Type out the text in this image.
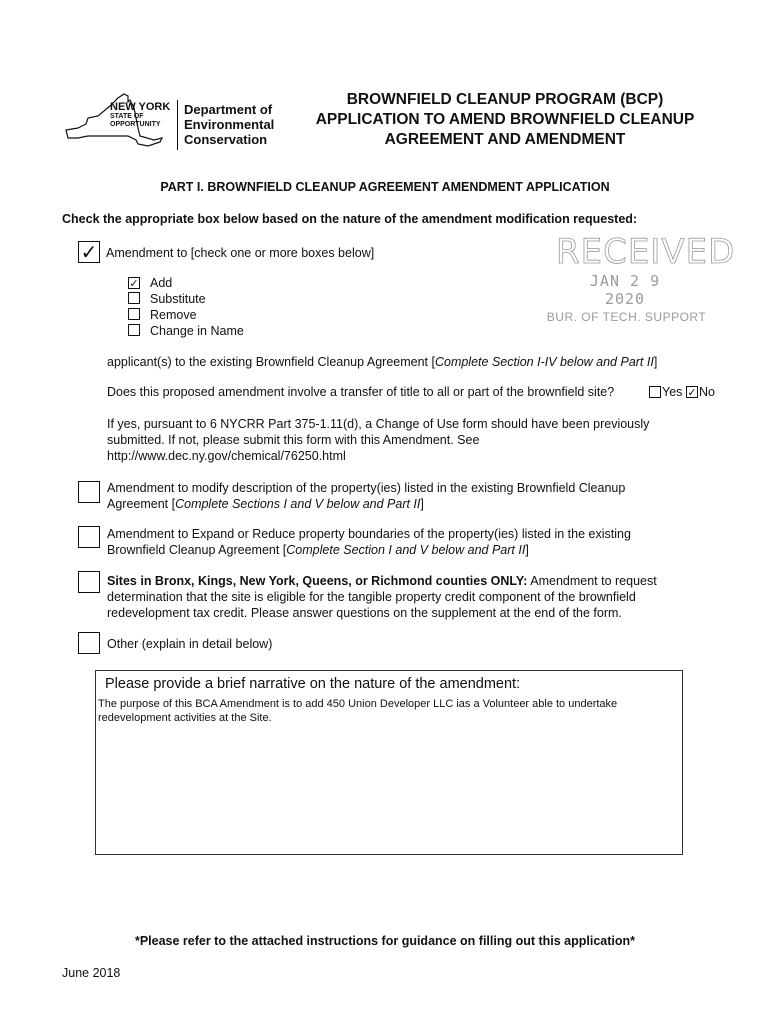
NEW YORK
STATE OF
OPPORTUNITY
Department of
Environmental
Conservation
BROWNFIELD CLEANUP PROGRAM (BCP)
APPLICATION TO AMEND BROWNFIELD CLEANUP
AGREEMENT AND AMENDMENT
PART I. BROWNFIELD CLEANUP AGREEMENT AMENDMENT APPLICATION
Check the appropriate box below based on the nature of the amendment modification requested:
✓ Amendment to [check one or more boxes below]
✓ Add
Substitute
Remove
Change in Name
applicant(s) to the existing Brownfield Cleanup Agreement [Complete Section I-IV below and Part II]
Does this proposed amendment involve a transfer of title to all or part of the brownfield site?	Yes ✓ No
If yes, pursuant to 6 NYCRR Part 375-1.11(d), a Change of Use form should have been previously
submitted. If not, please submit this form with this Amendment. See
http://www.dec.ny.gov/chemical/76250.html
Amendment to modify description of the property(ies) listed in the existing Brownfield Cleanup
Agreement [Complete Sections I and V below and Part II]
Amendment to Expand or Reduce property boundaries of the property(ies) listed in the existing
Brownfield Cleanup Agreement [Complete Section I and V below and Part II]
Sites in Bronx, Kings, New York, Queens, or Richmond counties ONLY: Amendment to request
determination that the site is eligible for the tangible property credit component of the brownfield
redevelopment tax credit. Please answer questions on the supplement at the end of the form.
Other (explain in detail below)
RECEIVED
JAN 2 9 2020
BUR. OF TECH. SUPPORT
Please provide a brief narrative on the nature of the amendment:
The purpose of this BCA Amendment is to add 450 Union Developer LLC ias a Volunteer able to undertake
redevelopment activities at the Site.
*Please refer to the attached instructions for guidance on filling out this application*
June 2018
